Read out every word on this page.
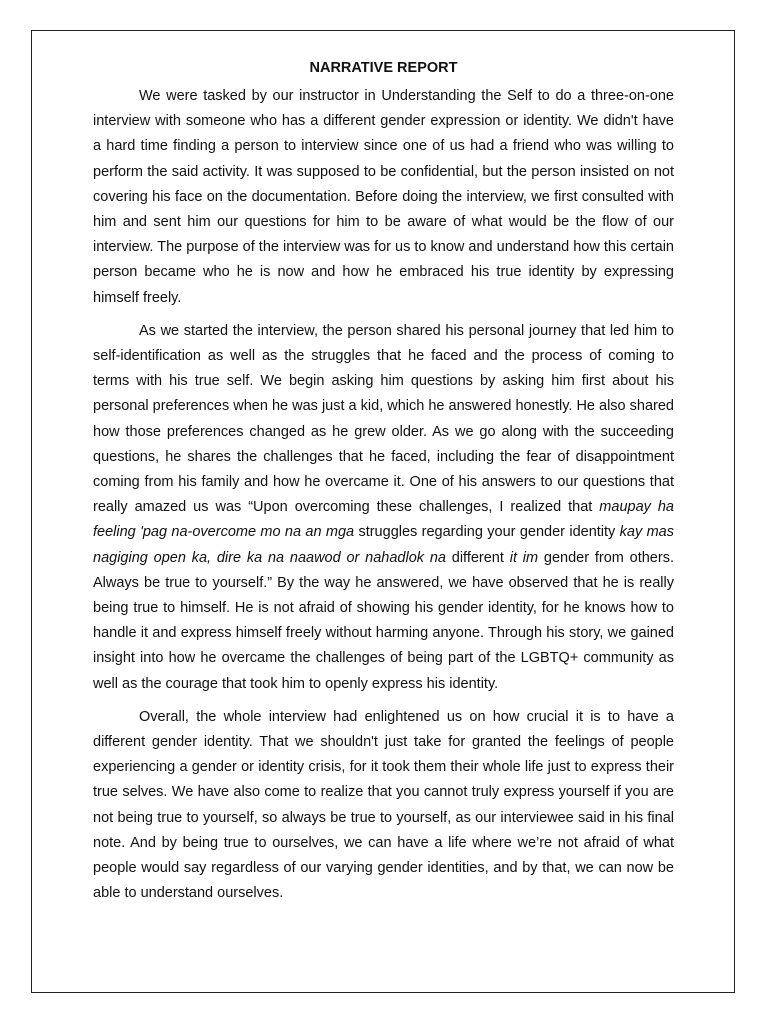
NARRATIVE REPORT

We were tasked by our instructor in Understanding the Self to do a three-on-one interview with someone who has a different gender expression or identity. We didn't have a hard time finding a person to interview since one of us had a friend who was willing to perform the said activity. It was supposed to be confidential, but the person insisted on not covering his face on the documentation. Before doing the interview, we first consulted with him and sent him our questions for him to be aware of what would be the flow of our interview. The purpose of the interview was for us to know and understand how this certain person became who he is now and how he embraced his true identity by expressing himself freely.

As we started the interview, the person shared his personal journey that led him to self-identification as well as the struggles that he faced and the process of coming to terms with his true self. We begin asking him questions by asking him first about his personal preferences when he was just a kid, which he answered honestly. He also shared how those preferences changed as he grew older. As we go along with the succeeding questions, he shares the challenges that he faced, including the fear of disappointment coming from his family and how he overcame it. One of his answers to our questions that really amazed us was “Upon overcoming these challenges, I realized that maupay ha feeling 'pag na-overcome mo na an mga struggles regarding your gender identity kay mas nagiging open ka, dire ka na naawod or nahadlok na different it im gender from others. Always be true to yourself.” By the way he answered, we have observed that he is really being true to himself. He is not afraid of showing his gender identity, for he knows how to handle it and express himself freely without harming anyone. Through his story, we gained insight into how he overcame the challenges of being part of the LGBTQ+ community as well as the courage that took him to openly express his identity.

Overall, the whole interview had enlightened us on how crucial it is to have a different gender identity. That we shouldn't just take for granted the feelings of people experiencing a gender or identity crisis, for it took them their whole life just to express their true selves. We have also come to realize that you cannot truly express yourself if you are not being true to yourself, so always be true to yourself, as our interviewee said in his final note. And by being true to ourselves, we can have a life where we’re not afraid of what people would say regardless of our varying gender identities, and by that, we can now be able to understand ourselves.
